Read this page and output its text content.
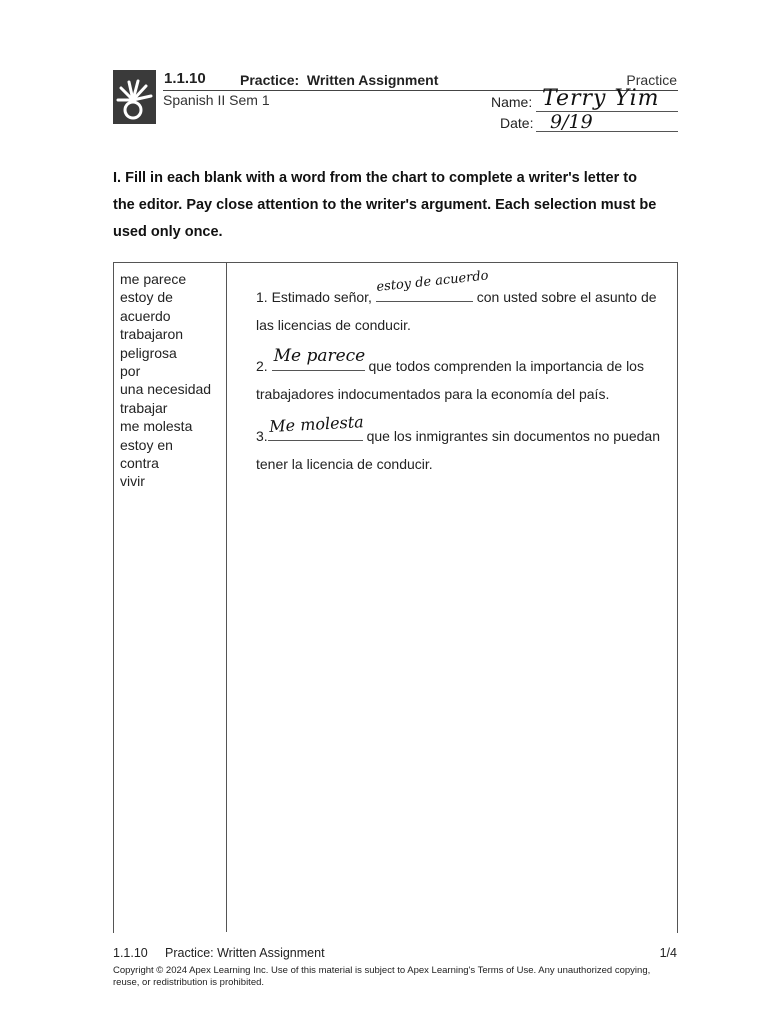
1.1.10 Practice:  Written Assignment	Practice
Spanish II Sem 1	Name: Terry Yim
Date: 9/19
I. Fill in each blank with a word from the chart to complete a writer's letter to the editor. Pay close attention to the writer's argument. Each selection must be used only once.
me parece
estoy de
acuerdo
trabajaron
peligrosa
por
una necesidad
trabajar
me molesta
estoy en
contra
vivir
1. Estimado señor,
estoy de acuerdo
con usted sobre el asunto de las licencias de conducir.
2.
Me parece
que todos comprenden la importancia de los trabajadores indocumentados para la economía del país.
3.
Me molesta
que los inmigrantes sin documentos no puedan tener la licencia de conducir.
1.1.10 Practice: Written Assignment	1/4
Copyright © 2024 Apex Learning Inc. Use of this material is subject to Apex Learning's Terms of Use. Any unauthorized copying, reuse, or redistribution is prohibited.
